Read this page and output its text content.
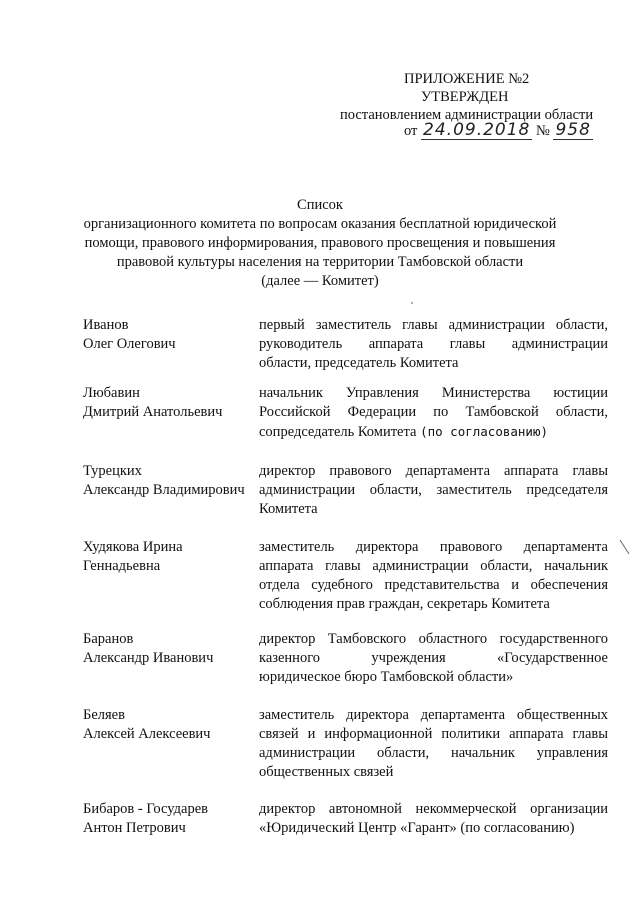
ПРИЛОЖЕНИЕ №2
УТВЕРЖДЕН
постановлением администрации области
от 24.09.2018 № 958
Список
организационного комитета по вопросам оказания бесплатной юридической
помощи, правового информирования, правового просвещения и повышения
правовой культуры населения на территории Тамбовской области
(далее — Комитет)
Иванов
Олег Олегович
первый заместитель главы администрации области,
руководитель аппарата главы администрации
области, председатель Комитета
Любавин
Дмитрий Анатольевич
начальник Управления Министерства юстиции
Российской Федерации по Тамбовской области,
сопредседатель Комитета (по согласованию)
Турецких
Александр Владимирович
директор правового департамента аппарата главы
администрации области, заместитель председателя
Комитета
Худякова Ирина
Геннадьевна
заместитель директора правового департамента
аппарата главы администрации области, начальник
отдела судебного представительства и обеспечения
соблюдения прав граждан, секретарь Комитета
Баранов
Александр Иванович
директор Тамбовского областного государственного
казенного учреждения «Государственное
юридическое бюро Тамбовской области»
Беляев
Алексей Алексеевич
заместитель директора департамента общественных
связей и информационной политики аппарата главы
администрации области, начальник управления
общественных связей
Бибаров - Государев
Антон Петрович
директор автономной некоммерческой организации
«Юридический Центр «Гарант» (по согласованию)
